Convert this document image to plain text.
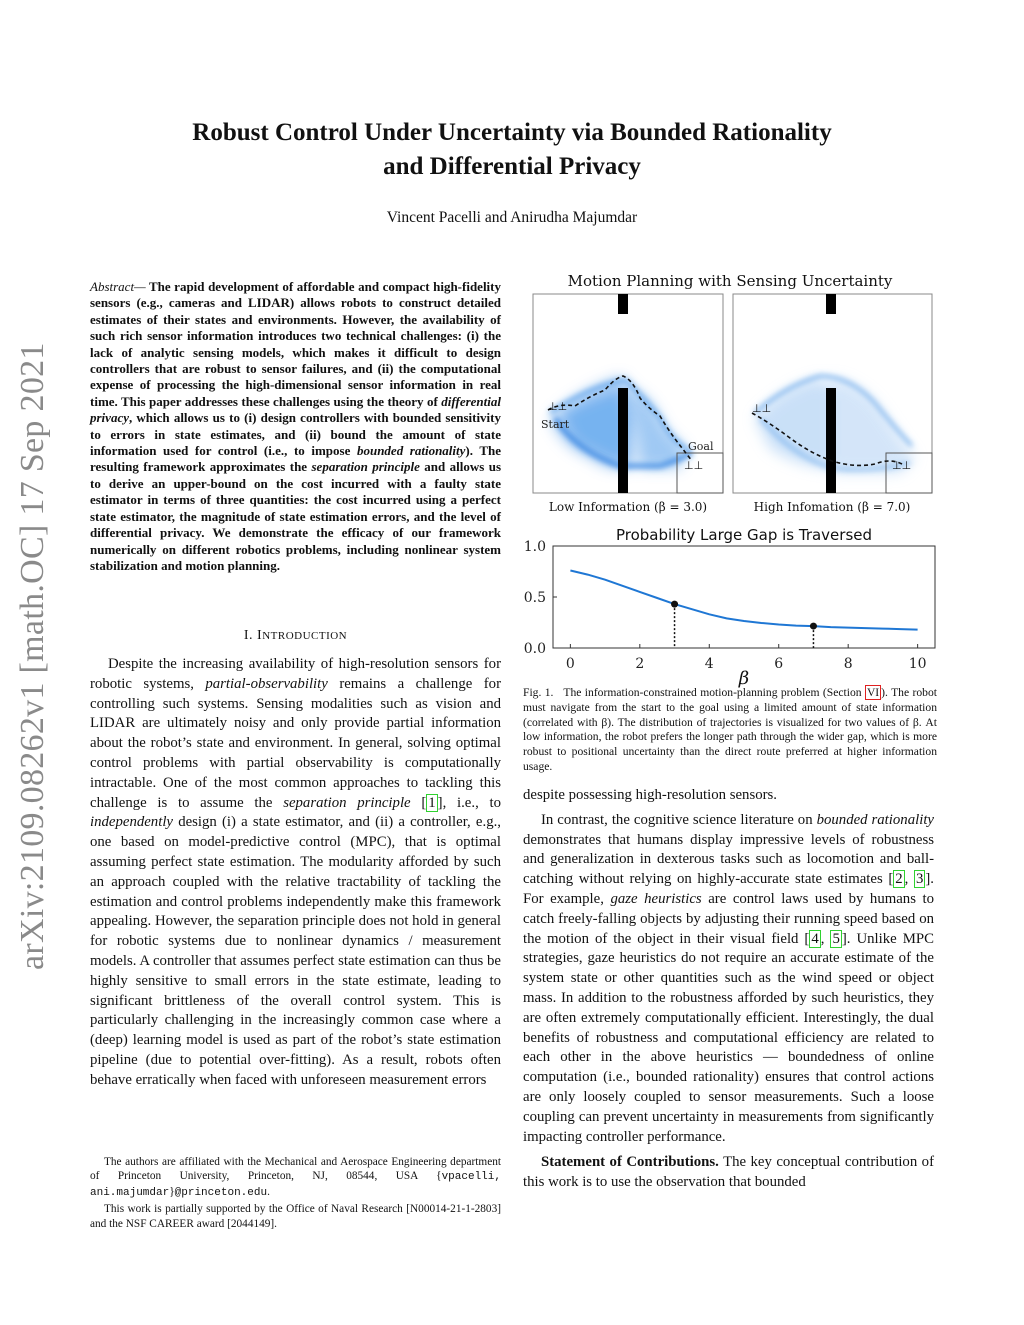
arXiv:2109.08262v1 [math.OC] 17 Sep 2021
Robust Control Under Uncertainty via Bounded Rationality
and Differential Privacy
Vincent Pacelli and Anirudha Majumdar
Abstract— The rapid development of affordable and compact high-fidelity sensors (e.g., cameras and LIDAR) allows robots to construct detailed estimates of their states and environments. However, the availability of such rich sensor information introduces two technical challenges: (i) the lack of analytic sensing models, which makes it difficult to design controllers that are robust to sensor failures, and (ii) the computational expense of processing the high-dimensional sensor information in real time. This paper addresses these challenges using the theory of differential privacy, which allows us to (i) design controllers with bounded sensitivity to errors in state estimates, and (ii) bound the amount of state information used for control (i.e., to impose bounded rationality). The resulting framework approximates the separation principle and allows us to derive an upper-bound on the cost incurred with a faulty state estimator in terms of three quantities: the cost incurred using a perfect state estimator, the magnitude of state estimation errors, and the level of differential privacy. We demonstrate the efficacy of our framework numerically on different robotics problems, including nonlinear system stabilization and motion planning.
I. INTRODUCTION

Despite the increasing availability of high-resolution sensors for robotic systems, partial-observability remains a challenge for controlling such systems. Sensing modalities such as vision and LIDAR are ultimately noisy and only provide partial information about the robot’s state and environment. In general, solving optimal control problems with partial observability is computationally intractable. One of the most common approaches to tackling this challenge is to assume the separation principle [ 1 ], i.e., to independently design (i) a state estimator, and (ii) a controller, e.g., one based on model-predictive control (MPC), that is optimal assuming perfect state estimation. The modularity afforded by such an approach coupled with the relative tractability of tackling the estimation and control problems independently make this framework appealing. However, the separation principle does not hold in general for robotic systems due to nonlinear dynamics / measurement models. A controller that assumes perfect state estimation can thus be highly sensitive to small errors in the state estimate, leading to significant brittleness of the overall control system. This is particularly challenging in the increasingly common case where a (deep) learning model is used as part of the robot’s state estimation pipeline (due to potential over-fitting). As a result, robots often behave erratically when faced with unforeseen measurement errors

The authors are affiliated with the Mechanical and Aerospace Engineering department of Princeton University, Princeton, NJ, 08544, USA {vpacelli, ani.majumdar}@princeton.edu.

This work is partially supported by the Office of Naval Research [N00014-21-1-2803] and the NSF CAREER award [2044149].

Motion Planning with Sensing Uncertainty
⊥⊥
⊥⊥
Start
Goal
⊥⊥
⊥⊥
Low Information (β = 3.0)	High Infomation (β = 7.0)
Probability Large Gap is Traversed
0.0
0.5
1.0
0	2	4	6	8	10
β
Fig. 1. The information-constrained motion-planning problem (Section VI ). The robot must navigate from the start to the goal using a limited amount of state information (correlated with β). The distribution of trajectories is visualized for two values of β. At low information, the robot prefers the longer path through the wider gap, which is more robust to positional uncertainty than the direct route preferred at higher information usage.

despite possessing high-resolution sensors.

In contrast, the cognitive science literature on bounded rationality demonstrates that humans display impressive levels of robustness and generalization in dexterous tasks such as locomotion and ball-catching without relying on highly-accurate state estimates [ 2 , 3 ]. For example, gaze heuristics are control laws used by humans to catch freely-falling objects by adjusting their running speed based on the motion of the object in their visual field [ 4 , 5 ]. Unlike MPC strategies, gaze heuristics do not require an accurate estimate of the system state or other quantities such as the wind speed or object mass. In addition to the robustness afforded by such heuristics, they are often extremely computationally efficient. Interestingly, the dual benefits of robustness and computational efficiency are related to each other in the above heuristics — boundedness of online computation (i.e., bounded rationality) ensures that control actions are only loosely coupled to sensor measurements. Such a loose coupling can prevent uncertainty in measurements from significantly impacting controller performance.

Statement of Contributions. The key conceptual contribution of this work is to use the observation that bounded
